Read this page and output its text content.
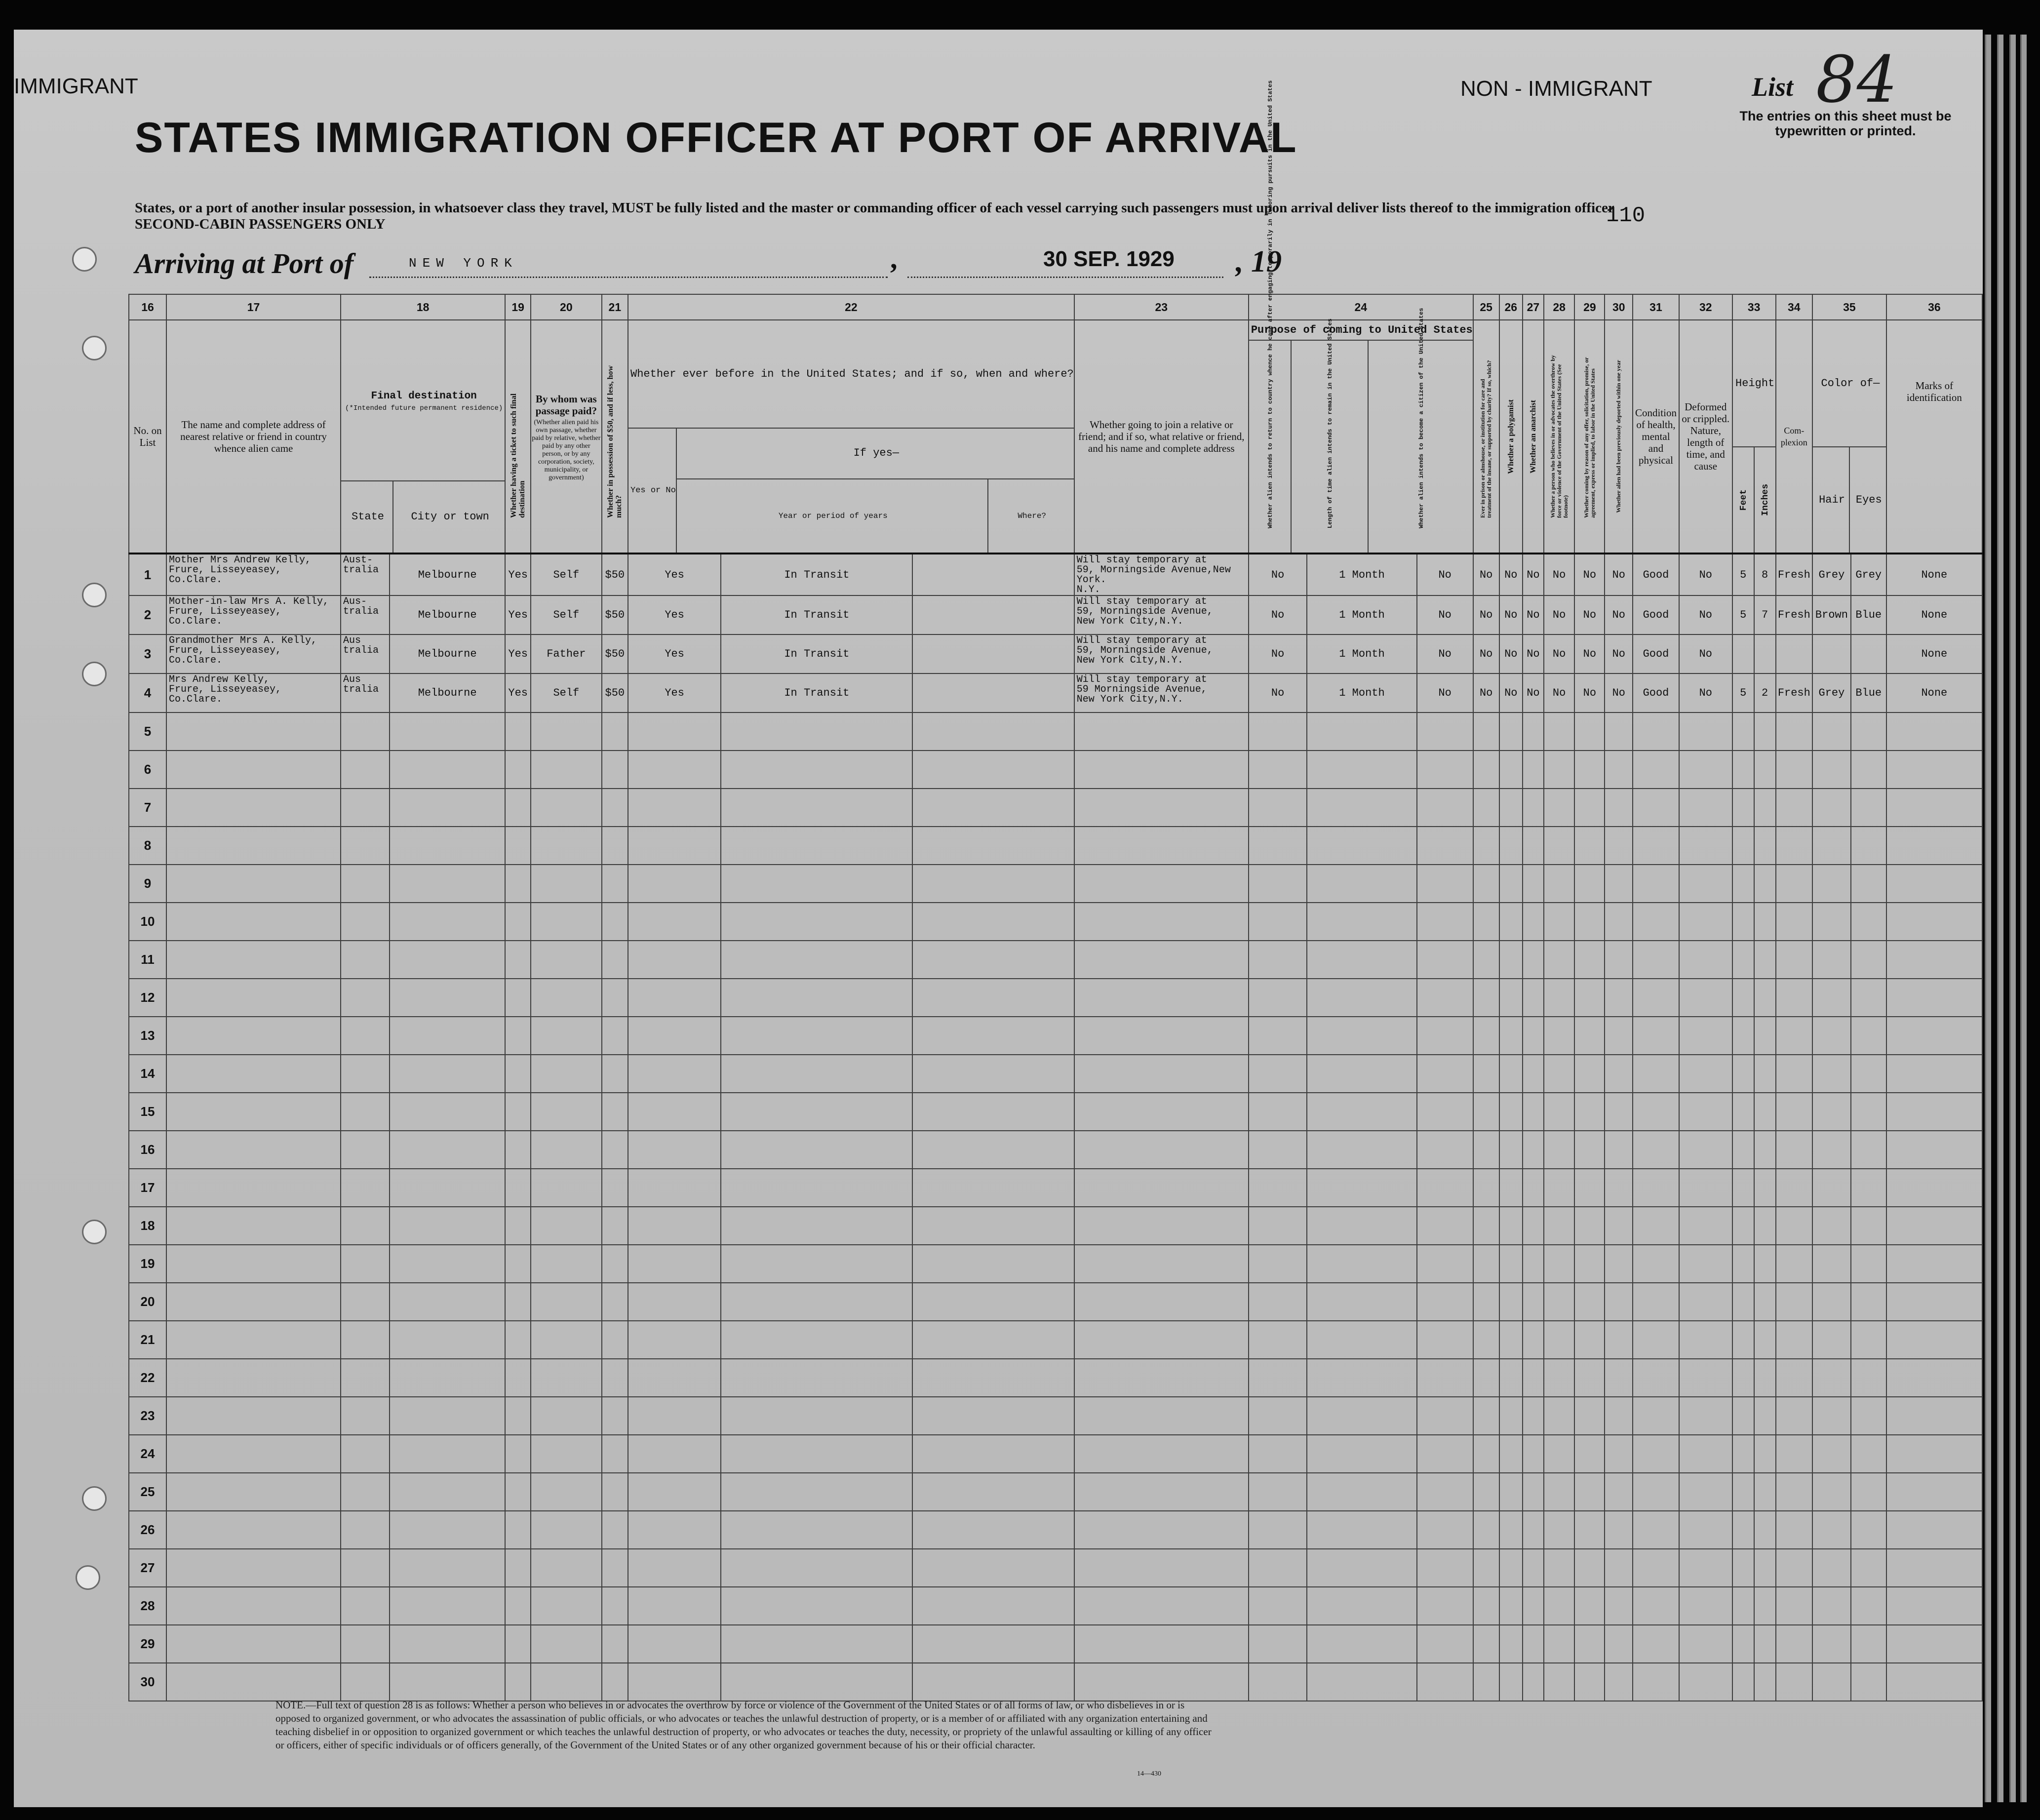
IMMIGRANT	NON - IMMIGRANT	List 84
The entries on this sheet must be typewritten or printed.
STATES IMMIGRATION OFFICER AT PORT OF ARRIVAL
States, or a port of another insular possession, in whatsoever class they travel, MUST be fully listed and the master or commanding officer of each vessel carrying such passengers must upon arrival deliver lists thereof to the immigration officer
SECOND-CABIN PASSENGERS ONLY	110
Arriving at Port of	NEW YORK	,	30 SEP. 1929 , 19
16	17	18	19	20	21	22	23	24	25	26	27	28	29	30	31	32	33	34	35	36
No. on List	The name and complete address of nearest relative or friend in country whence alien came	
Final destination
(*Intended future permanent residence)

State	City or town
		Whether having a ticket to such final destination

By whom was passage paid?
(Whether alien paid his own passage, whether paid by relative, whether paid by any other person, or by any corporation, society, municipality, or government)	Whether in possession of $50, and if less, how much?

Whether ever before in the United States; and if so, when and where?
Yes or No	If yes—
Year or period of years	Where?
	Whether going to join a relative or friend; and if so, what relative or friend, and his name and complete address	
Purpose of coming to United States

Whether alien intends to return to country whence he came after engaging temporarily in laboring pursuits in the United States	Length of time alien intends to remain in the United States	Whether alien intends to become a citizen of the United States
		Ever in prison or almshouse, or institution for care and treatment of the insane, or supported by charity? If so, which?	Whether a polygamist	Whether an anarchist	Whether a person who believes in or advocates the overthrow by force or violence of the Government of the United States (See footnote)	Whether coming by reason of any offer, solicitation, promise, or agreement, express or implied, to labor in the United States	Whether alien had been previously deported within one year	Condition of health, mental and physical	Deformed or crippled. Nature, length of time, and cause	
Height

Feet	Inches
	Com-plexion	
Color of—
Hair	Eyes
	Marks of identification
1	Mother Mrs Andrew Kelly,
Frure, Lisseyeasey,
Co.Clare.	Aust-
tralia	Melbourne	Yes	Self	$50	Yes	In Transit		Will stay temporary at
59, Morningside Avenue,New York.
N.Y.	No	1 Month	No	No	No	No	No	No	No	Good	No	5	8	Fresh	Grey	Grey	None
2	Mother-in-law Mrs A. Kelly,
Frure, Lisseyeasey,
Co.Clare.	Aus-
tralia	Melbourne	Yes	Self	$50	Yes	In Transit		Will stay temporary at
59, Morningside Avenue,
New York City,N.Y.	No	1 Month	No	No	No	No	No	No	No	Good	No	5	7	Fresh	Brown	Blue	None
3	Grandmother Mrs A. Kelly,
Frure, Lisseyeasey,
Co.Clare.	Aus
tralia	Melbourne	Yes	Father	$50	Yes	In Transit		Will stay temporary at
59, Morningside Avenue,
New York City,N.Y.	No	1 Month	No	No	No	No	No	No	No	Good	No						None
4	Mrs Andrew Kelly,
Frure, Lisseyeasey,
Co.Clare.	Aus
tralia	Melbourne	Yes	Self	$50	Yes	In Transit		Will stay temporary at
59 Morningside Avenue,
New York City,N.Y.	No	1 Month	No	No	No	No	No	No	No	Good	No	5	2	Fresh	Grey	Blue	None
5																											
6																											
7																											
8																											
9																											
10																											
11																											
12																											
13																											
14																											
15																											
16																											
17																											
18																											
19																											
20																											
21																											
22																											
23																											
24																											
25																											
26																											
27																											
28																											
29																											
30																											
NOTE.—Full text of question 28 is as follows: Whether a person who believes in or advocates the overthrow by force or violence of the Government of the United States or of all forms of law, or who disbelieves in or is opposed to organized government, or who advocates the assassination of public officials, or who advocates or teaches the unlawful destruction of property, or is a member of or affiliated with any organization entertaining and teaching disbelief in or opposition to organized government or which teaches the unlawful destruction of property, or who advocates or teaches the duty, necessity, or propriety of the unlawful assaulting or killing of any officer or officers, either of specific individuals or of officers generally, of the Government of the United States or of any other organized government because of his or their official character.
14—430
